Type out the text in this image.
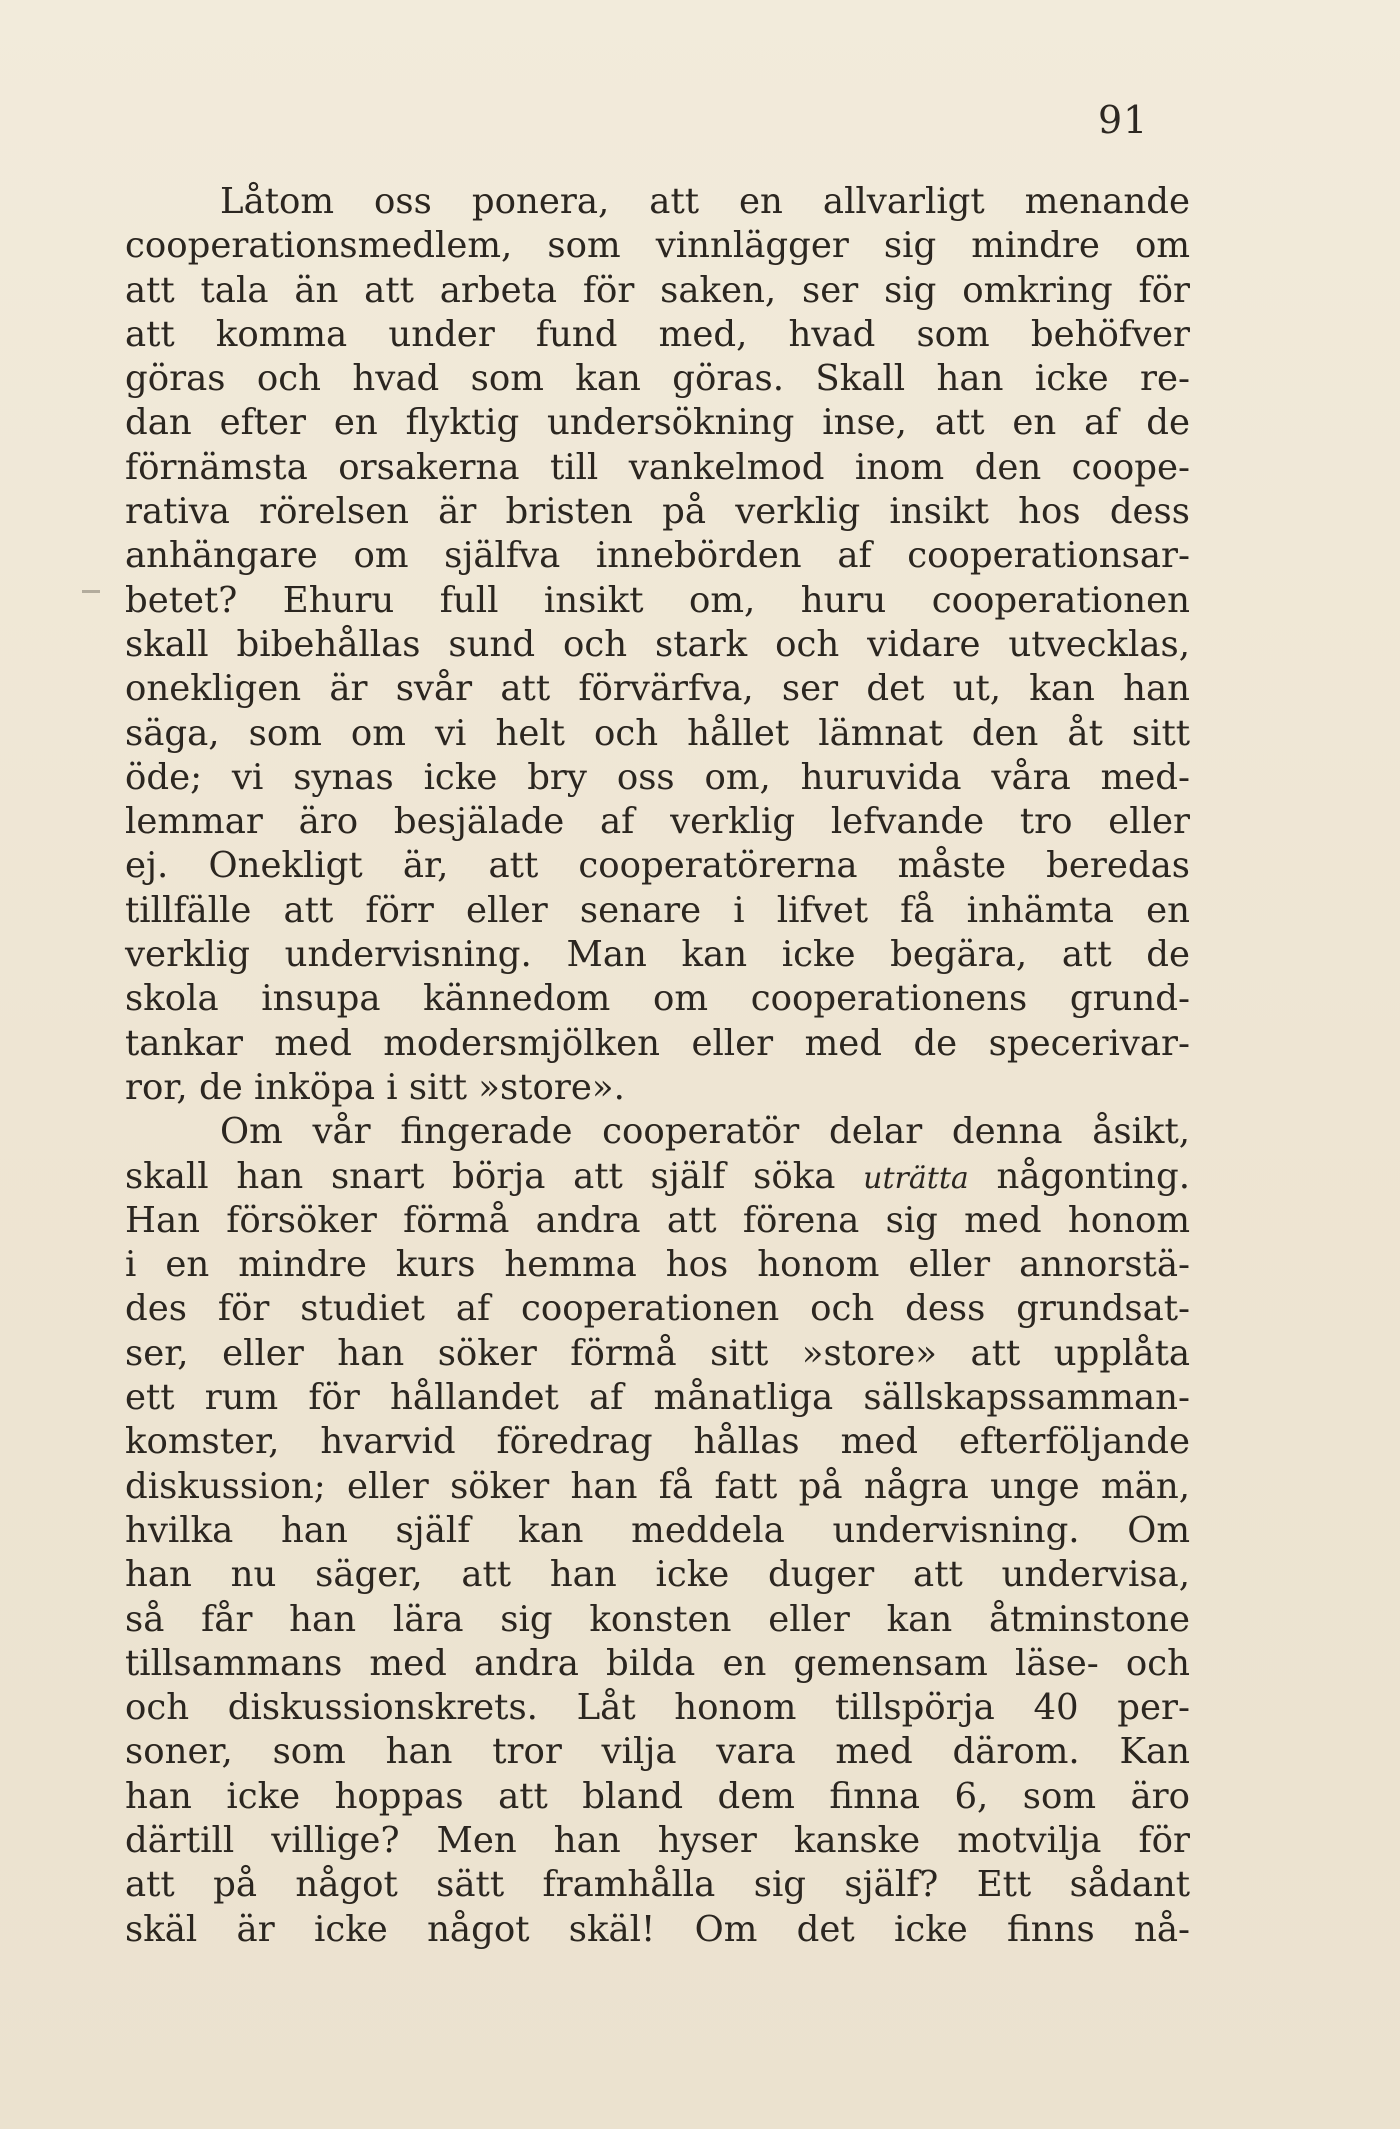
91
Låtom oss ponera, att en allvarligt menande
cooperationsmedlem, som vinnlägger sig mindre om
att tala än att arbeta för saken, ser sig omkring för
att komma under fund med, hvad som behöfver
göras och hvad som kan göras. Skall han icke re-
dan efter en flyktig undersökning inse, att en af de
förnämsta orsakerna till vankelmod inom den coope-
rativa rörelsen är bristen på verklig insikt hos dess
anhängare om själfva innebörden af cooperationsar-
betet? Ehuru full insikt om, huru cooperationen
skall bibehållas sund och stark och vidare utvecklas,
onekligen är svår att förvärfva, ser det ut, kan han
säga, som om vi helt och hållet lämnat den åt sitt
öde; vi synas icke bry oss om, huruvida våra med-
lemmar äro besjälade af verklig lefvande tro eller
ej. Onekligt är, att cooperatörerna måste beredas
tillfälle att förr eller senare i lifvet få inhämta en
verklig undervisning. Man kan icke begära, att de
skola insupa kännedom om cooperationens grund-
tankar med modersmjölken eller med de specerivar-
ror, de inköpa i sitt »store».
Om vår fingerade cooperatör delar denna åsikt,
skall han snart börja att själf söka uträtta någonting.
Han försöker förmå andra att förena sig med honom
i en mindre kurs hemma hos honom eller annorstä-
des för studiet af cooperationen och dess grundsat-
ser, eller han söker förmå sitt »store» att upplåta
ett rum för hållandet af månatliga sällskapssamman-
komster, hvarvid föredrag hållas med efterföljande
diskussion; eller söker han få fatt på några unge män,
hvilka han själf kan meddela undervisning. Om
han nu säger, att han icke duger att undervisa,
så får han lära sig konsten eller kan åtminstone
tillsammans med andra bilda en gemensam läse- och
och diskussionskrets. Låt honom tillspörja 40 per-
soner, som han tror vilja vara med därom. Kan
han icke hoppas att bland dem finna 6, som äro
därtill villige? Men han hyser kanske motvilja för
att på något sätt framhålla sig själf? Ett sådant
skäl är icke något skäl! Om det icke finns nå-
